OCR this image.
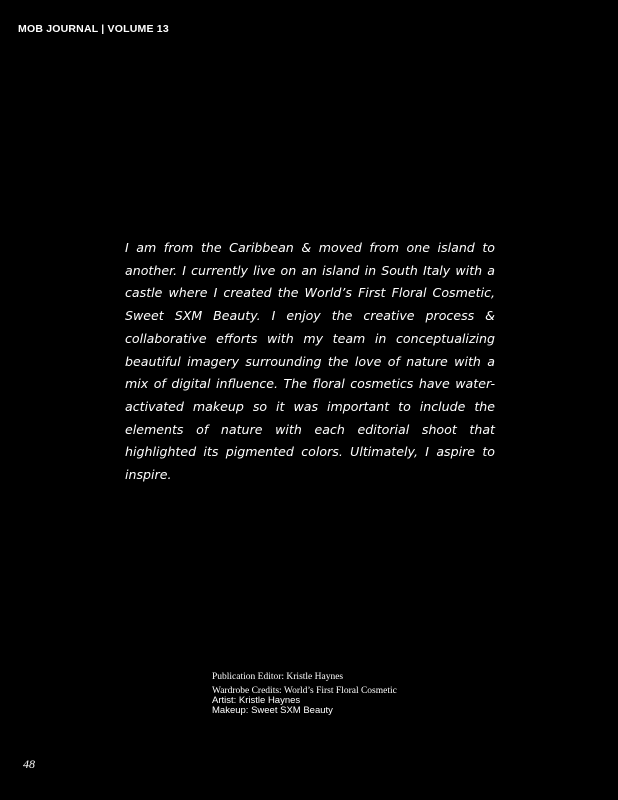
MOB JOURNAL | VOLUME 13

I am from the Caribbean & moved from one island to another. I currently live on an island in South Italy with a castle where I created the World’s First Floral Cosmetic, Sweet SXM Beauty. I enjoy the creative process & collaborative efforts with my team in conceptualizing beautiful imagery surrounding the love of nature with a mix of digital influence. The floral cosmetics have water-activated makeup so it was important to include the elements of nature with each editorial shoot that highlighted its pigmented colors. Ultimately, I aspire to inspire.

Publication Editor: Kristle Haynes
Wardrobe Credits: World’s First Floral Cosmetic
Artist: Kristle Haynes
Makeup: Sweet SXM Beauty
48
